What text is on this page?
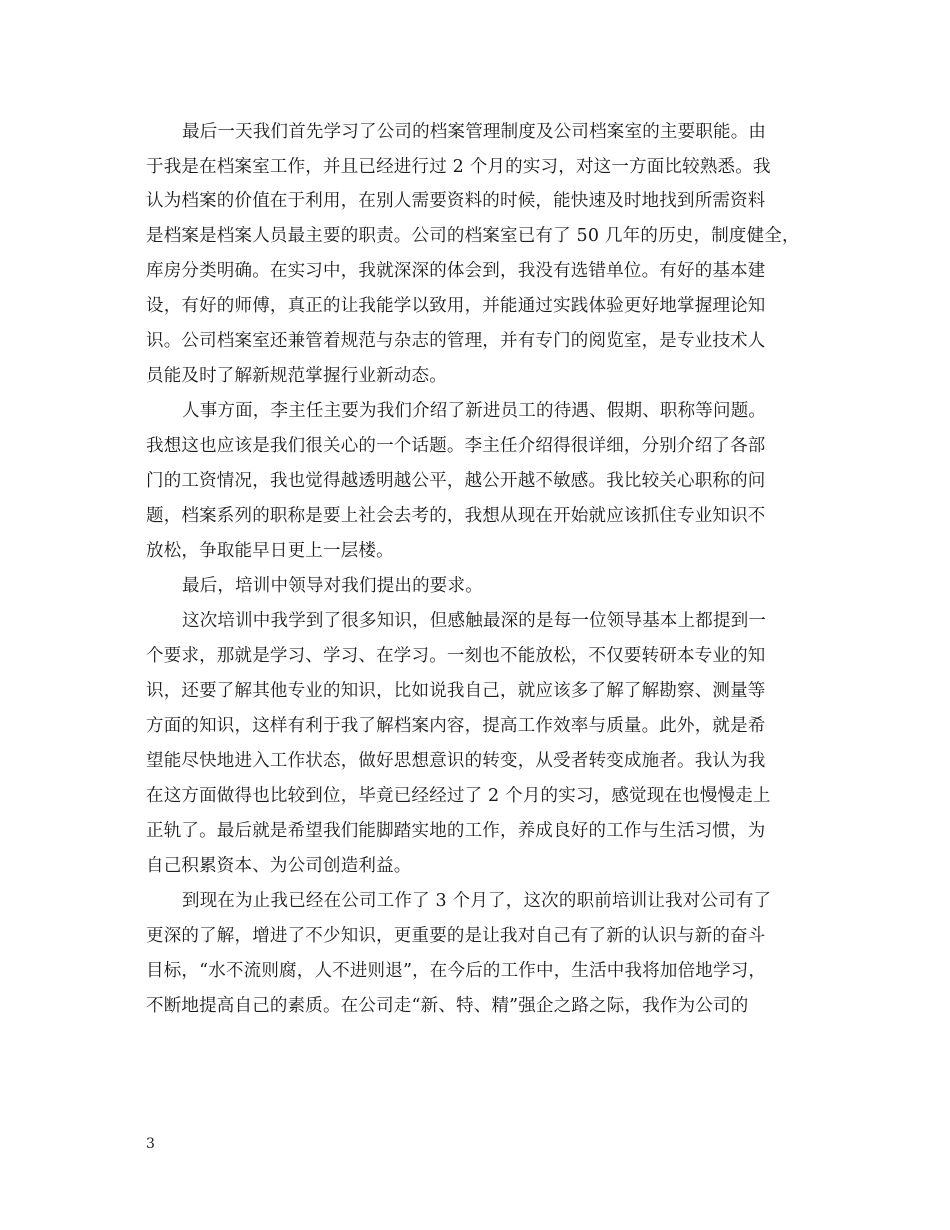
最后一天我们首先学习了公司的档案管理制度及公司档案室的主要职能。由
于我是在档案室工作，并且已经进行过 2 个月的实习，对这一方面比较熟悉。我
认为档案的价值在于利用，在别人需要资料的时候，能快速及时地找到所需资料
是档案是档案人员最主要的职责。公司的档案室已有了 50 几年的历史，制度健全，
库房分类明确。在实习中，我就深深的体会到，我没有选错单位。有好的基本建
设，有好的师傅，真正的让我能学以致用，并能通过实践体验更好地掌握理论知
识。公司档案室还兼管着规范与杂志的管理，并有专门的阅览室，是专业技术人
员能及时了解新规范掌握行业新动态。
人事方面，李主任主要为我们介绍了新进员工的待遇、假期、职称等问题。
我想这也应该是我们很关心的一个话题。李主任介绍得很详细，分别介绍了各部
门的工资情况，我也觉得越透明越公平，越公开越不敏感。我比较关心职称的问
题，档案系列的职称是要上社会去考的，我想从现在开始就应该抓住专业知识不
放松，争取能早日更上一层楼。
最后，培训中领导对我们提出的要求。
这次培训中我学到了很多知识，但感触最深的是每一位领导基本上都提到一
个要求，那就是学习、学习、在学习。一刻也不能放松，不仅要转研本专业的知
识，还要了解其他专业的知识，比如说我自己，就应该多了解了解勘察、测量等
方面的知识，这样有利于我了解档案内容，提高工作效率与质量。此外，就是希
望能尽快地进入工作状态，做好思想意识的转变，从受者转变成施者。我认为我
在这方面做得也比较到位，毕竟已经经过了 2 个月的实习，感觉现在也慢慢走上
正轨了。最后就是希望我们能脚踏实地的工作，养成良好的工作与生活习惯，为
自己积累资本、为公司创造利益。
到现在为止我已经在公司工作了 3 个月了，这次的职前培训让我对公司有了
更深的了解，增进了不少知识，更重要的是让我对自己有了新的认识与新的奋斗
目标，“水不流则腐，人不进则退”，在今后的工作中，生活中我将加倍地学习，
不断地提高自己的素质。在公司走“新、特、精”强企之路之际，我作为公司的
3
